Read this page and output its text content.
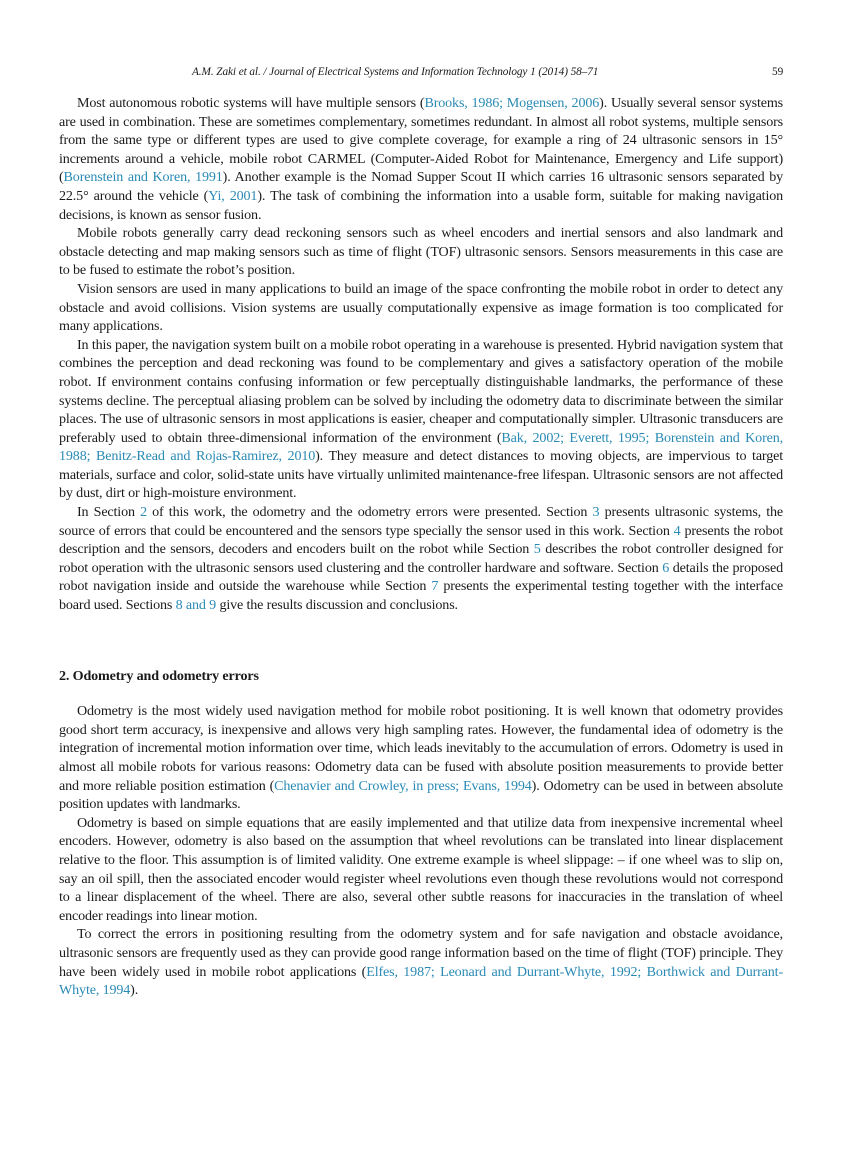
A.M. Zaki et al. / Journal of Electrical Systems and Information Technology 1 (2014) 58–71	59

Most autonomous robotic systems will have multiple sensors (Brooks, 1986; Mogensen, 2006). Usually several sensor systems are used in combination. These are sometimes complementary, sometimes redundant. In almost all robot systems, multiple sensors from the same type or different types are used to give complete coverage, for example a ring of 24 ultrasonic sensors in 15° increments around a vehicle, mobile robot CARMEL (Computer-Aided Robot for Maintenance, Emergency and Life support) (Borenstein and Koren, 1991). Another example is the Nomad Supper Scout II which carries 16 ultrasonic sensors separated by 22.5° around the vehicle (Yi, 2001). The task of combining the information into a usable form, suitable for making navigation decisions, is known as sensor fusion.

Mobile robots generally carry dead reckoning sensors such as wheel encoders and inertial sensors and also landmark and obstacle detecting and map making sensors such as time of flight (TOF) ultrasonic sensors. Sensors measurements in this case are to be fused to estimate the robot’s position.

Vision sensors are used in many applications to build an image of the space confronting the mobile robot in order to detect any obstacle and avoid collisions. Vision systems are usually computationally expensive as image formation is too complicated for many applications.

In this paper, the navigation system built on a mobile robot operating in a warehouse is presented. Hybrid navigation system that combines the perception and dead reckoning was found to be complementary and gives a satisfactory operation of the mobile robot. If environment contains confusing information or few perceptually distinguishable landmarks, the performance of these systems decline. The perceptual aliasing problem can be solved by including the odometry data to discriminate between the similar places. The use of ultrasonic sensors in most applications is easier, cheaper and computationally simpler. Ultrasonic transducers are preferably used to obtain three-dimensional information of the environment (Bak, 2002; Everett, 1995; Borenstein and Koren, 1988; Benitz-Read and Rojas-Ramirez, 2010). They measure and detect distances to moving objects, are impervious to target materials, surface and color, solid-state units have virtually unlimited maintenance-free lifespan. Ultrasonic sensors are not affected by dust, dirt or high-moisture environment.

In Section 2 of this work, the odometry and the odometry errors were presented. Section 3 presents ultrasonic systems, the source of errors that could be encountered and the sensors type specially the sensor used in this work. Section 4 presents the robot description and the sensors, decoders and encoders built on the robot while Section 5 describes the robot controller designed for robot operation with the ultrasonic sensors used clustering and the controller hardware and software. Section 6 details the proposed robot navigation inside and outside the warehouse while Section 7 presents the experimental testing together with the interface board used. Sections 8 and 9 give the results discussion and conclusions.

2. Odometry and odometry errors

Odometry is the most widely used navigation method for mobile robot positioning. It is well known that odometry provides good short term accuracy, is inexpensive and allows very high sampling rates. However, the fundamental idea of odometry is the integration of incremental motion information over time, which leads inevitably to the accumulation of errors. Odometry is used in almost all mobile robots for various reasons: Odometry data can be fused with absolute position measurements to provide better and more reliable position estimation (Chenavier and Crowley, in press; Evans, 1994). Odometry can be used in between absolute position updates with landmarks.

Odometry is based on simple equations that are easily implemented and that utilize data from inexpensive incremental wheel encoders. However, odometry is also based on the assumption that wheel revolutions can be translated into linear displacement relative to the floor. This assumption is of limited validity. One extreme example is wheel slippage: – if one wheel was to slip on, say an oil spill, then the associated encoder would register wheel revolutions even though these revolutions would not correspond to a linear displacement of the wheel. There are also, several other subtle reasons for inaccuracies in the translation of wheel encoder readings into linear motion.

To correct the errors in positioning resulting from the odometry system and for safe navigation and obstacle avoidance, ultrasonic sensors are frequently used as they can provide good range information based on the time of flight (TOF) principle. They have been widely used in mobile robot applications (Elfes, 1987; Leonard and Durrant-Whyte, 1992; Borthwick and Durrant-Whyte, 1994).
